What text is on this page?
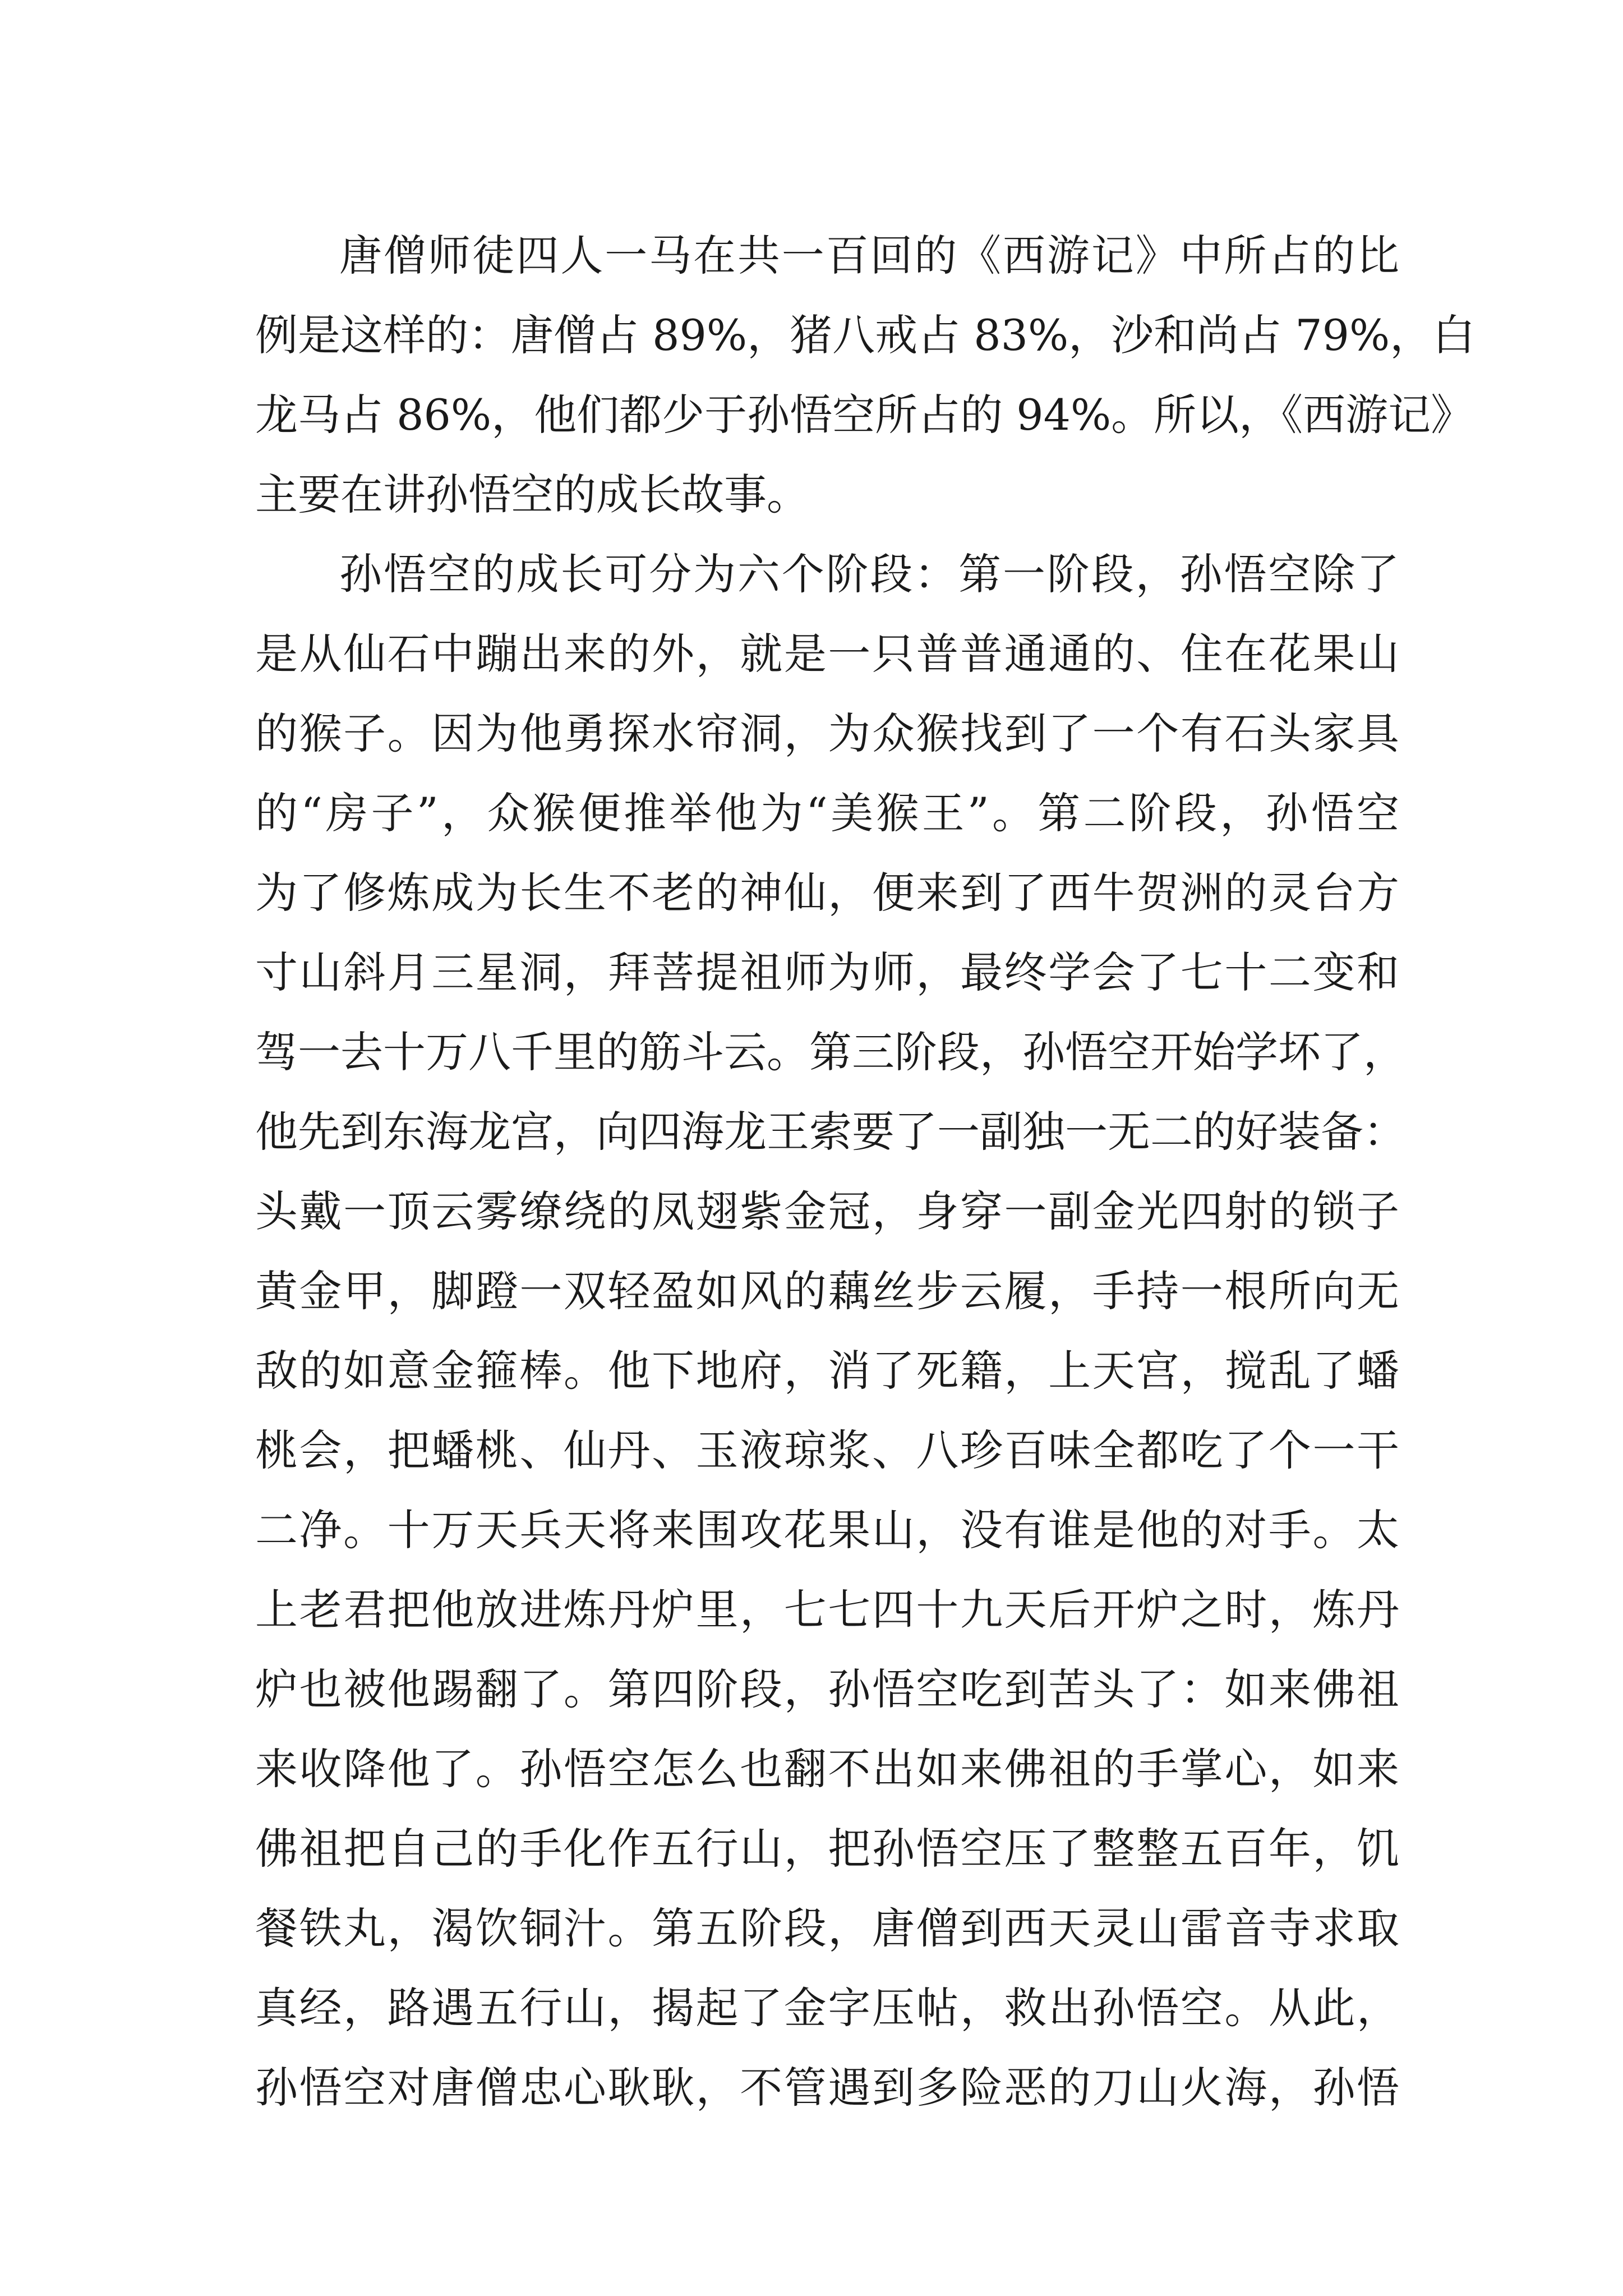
唐僧师徒四人一马在共一百回的《西游记》中所占的比
例是这样的：唐僧占 89%，猪八戒占 83%，沙和尚占 79%，白
龙马占 86%，他们都少于孙悟空所占的 94%。所以，《西游记》
主要在讲孙悟空的成长故事。
孙悟空的成长可分为六个阶段：第一阶段，孙悟空除了
是从仙石中蹦出来的外，就是一只普普通通的、住在花果山
的猴子。因为他勇探水帘洞，为众猴找到了一个有石头家具
的“房子”，众猴便推举他为“美猴王”。第二阶段，孙悟空
为了修炼成为长生不老的神仙，便来到了西牛贺洲的灵台方
寸山斜月三星洞，拜菩提祖师为师，最终学会了七十二变和
驾一去十万八千里的筋斗云。第三阶段，孙悟空开始学坏了，
他先到东海龙宫，向四海龙王索要了一副独一无二的好装备：
头戴一顶云雾缭绕的凤翅紫金冠，身穿一副金光四射的锁子
黄金甲，脚蹬一双轻盈如风的藕丝步云履，手持一根所向无
敌的如意金箍棒。他下地府，消了死籍，上天宫，搅乱了蟠
桃会，把蟠桃、仙丹、玉液琼浆、八珍百味全都吃了个一干
二净。十万天兵天将来围攻花果山，没有谁是他的对手。太
上老君把他放进炼丹炉里，七七四十九天后开炉之时，炼丹
炉也被他踢翻了。第四阶段，孙悟空吃到苦头了：如来佛祖
来收降他了。孙悟空怎么也翻不出如来佛祖的手掌心，如来
佛祖把自己的手化作五行山，把孙悟空压了整整五百年，饥
餐铁丸，渴饮铜汁。第五阶段，唐僧到西天灵山雷音寺求取
真经，路遇五行山，揭起了金字压帖，救出孙悟空。从此，
孙悟空对唐僧忠心耿耿，不管遇到多险恶的刀山火海，孙悟
